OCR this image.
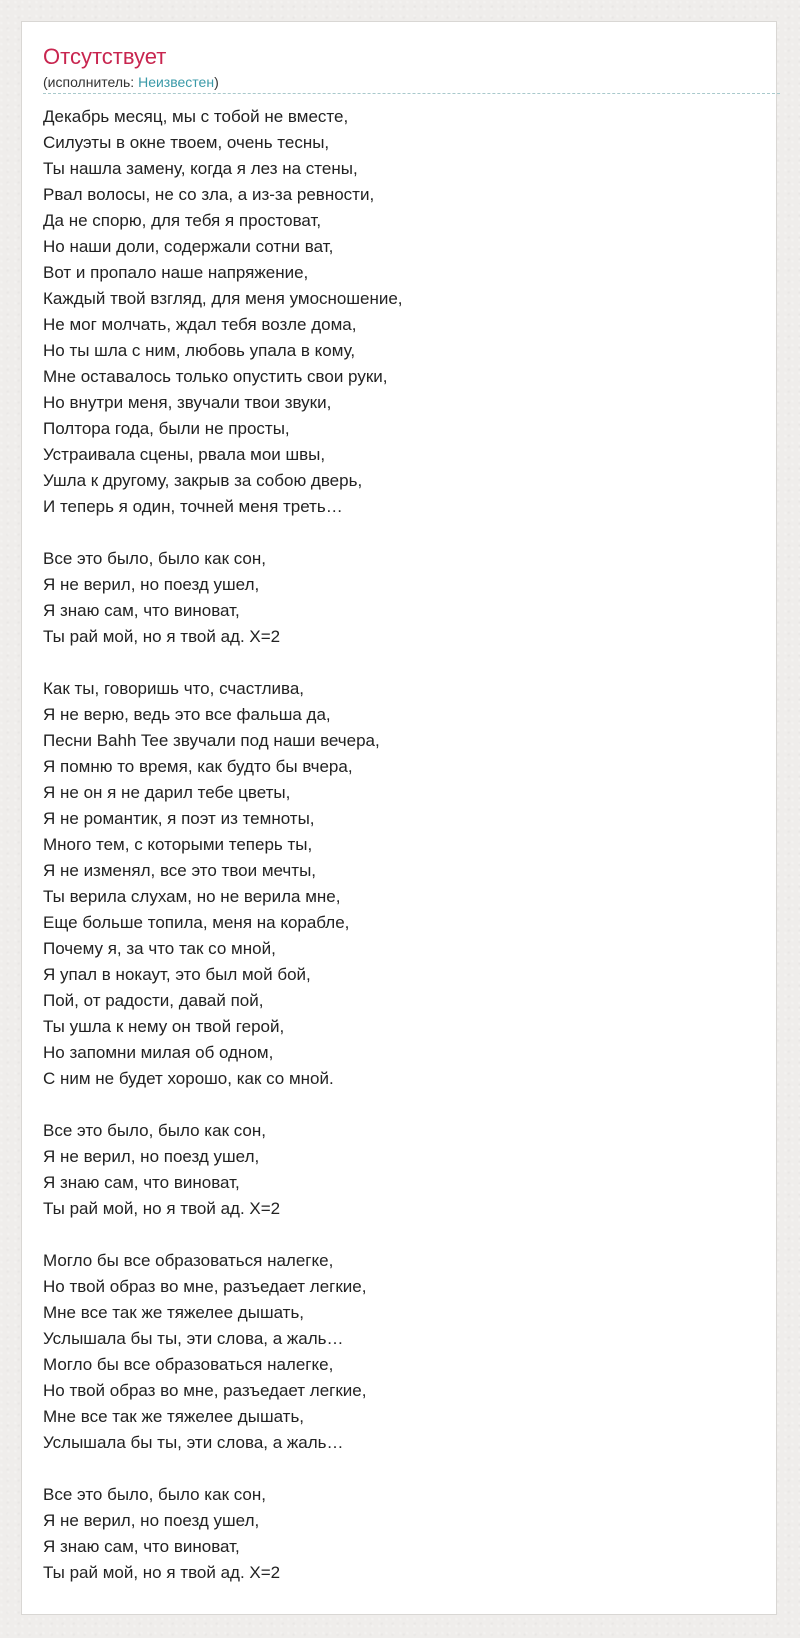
Отсутствует
(исполнитель: Неизвестен)
Декабрь месяц, мы с тобой не вместе,
Силуэты в окне твоем, очень тесны,
Ты нашла замену, когда я лез на стены,
Рвал волосы, не со зла, а из-за ревности,
Да не спорю, для тебя я простоват,
Но наши доли, содержали сотни ват,
Вот и пропало наше напряжение,
Каждый твой взгляд, для меня умосношение,
Не мог молчать, ждал тебя возле дома,
Но ты шла с ним, любовь упала в кому,
Мне оставалось только опустить свои руки,
Но внутри меня, звучали твои звуки,
Полтора года, были не просты,
Устраивала сцены, рвала мои швы,
Ушла к другому, закрыв за собою дверь,
И теперь я один, точней меня треть…
Все это было, было как сон,
Я не верил, но поезд ушел,
Я знаю сам, что виноват,
Ты рай мой, но я твой ад. Х=2
Как ты, говоришь что, счастлива,
Я не верю, ведь это все фальша да,
Песни Bahh Tee звучали под наши вечера,
Я помню то время, как будто бы вчера,
Я не он я не дарил тебе цветы,
Я не романтик, я поэт из темноты,
Много тем, с которыми теперь ты,
Я не изменял, все это твои мечты,
Ты верила слухам, но не верила мне,
Еще больше топила, меня на корабле,
Почему я, за что так со мной,
Я упал в нокаут, это был мой бой,
Пой, от радости, давай пой,
Ты ушла к нему он твой герой,
Но запомни милая об одном,
С ним не будет хорошо, как со мной.
Все это было, было как сон,
Я не верил, но поезд ушел,
Я знаю сам, что виноват,
Ты рай мой, но я твой ад. Х=2
Могло бы все образоваться налегке,
Но твой образ во мне, разъедает легкие,
Мне все так же тяжелее дышать,
Услышала бы ты, эти слова, а жаль…
Могло бы все образоваться налегке,
Но твой образ во мне, разъедает легкие,
Мне все так же тяжелее дышать,
Услышала бы ты, эти слова, а жаль…
Все это было, было как сон,
Я не верил, но поезд ушел,
Я знаю сам, что виноват,
Ты рай мой, но я твой ад. Х=2
